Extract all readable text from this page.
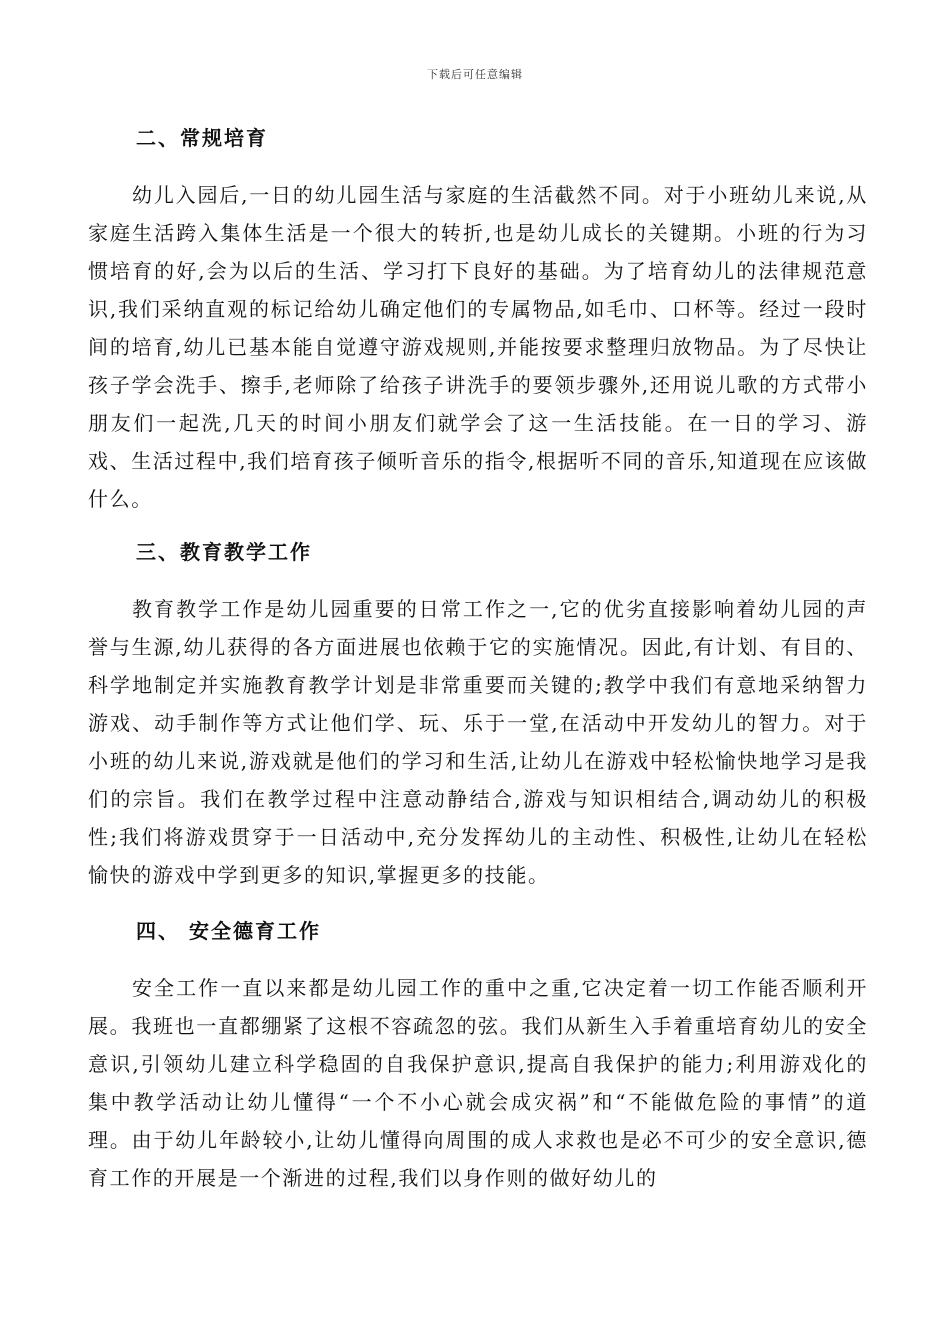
下载后可任意编辑
二、常规培育

幼儿入园后,一日的幼儿园生活与家庭的生活截然不同。对于小班幼儿来说,从家庭生活跨入集体生活是一个很大的转折,也是幼儿成长的关键期。小班的行为习惯培育的好,会为以后的生活、学习打下良好的基础。为了培育幼儿的法律规范意识,我们采纳直观的标记给幼儿确定他们的专属物品,如毛巾、口杯等。经过一段时间的培育,幼儿已基本能自觉遵守游戏规则,并能按要求整理归放物品。为了尽快让孩子学会洗手、擦手,老师除了给孩子讲洗手的要领步骤外,还用说儿歌的方式带小朋友们一起洗,几天的时间小朋友们就学会了这一生活技能。在一日的学习、游戏、生活过程中,我们培育孩子倾听音乐的指令,根据听不同的音乐,知道现在应该做什么。

三、教育教学工作

教育教学工作是幼儿园重要的日常工作之一,它的优劣直接影响着幼儿园的声誉与生源,幼儿获得的各方面进展也依赖于它的实施情况。因此,有计划、有目的、科学地制定并实施教育教学计划是非常重要而关键的;教学中我们有意地采纳智力游戏、动手制作等方式让他们学、玩、乐于一堂,在活动中开发幼儿的智力。对于小班的幼儿来说,游戏就是他们的学习和生活,让幼儿在游戏中轻松愉快地学习是我们的宗旨。我们在教学过程中注意动静结合,游戏与知识相结合,调动幼儿的积极性;我们将游戏贯穿于一日活动中,充分发挥幼儿的主动性、积极性,让幼儿在轻松愉快的游戏中学到更多的知识,掌握更多的技能。

四、 安全德育工作

安全工作一直以来都是幼儿园工作的重中之重,它决定着一切工作能否顺利开展。我班也一直都绷紧了这根不容疏忽的弦。我们从新生入手着重培育幼儿的安全意识,引领幼儿建立科学稳固的自我保护意识,提高自我保护的能力;利用游戏化的集中教学活动让幼儿懂得“一个不小心就会成灾祸”和“不能做危险的事情”的道理。由于幼儿年龄较小,让幼儿懂得向周围的成人求救也是必不可少的安全意识,德育工作的开展是一个渐进的过程,我们以身作则的做好幼儿的
